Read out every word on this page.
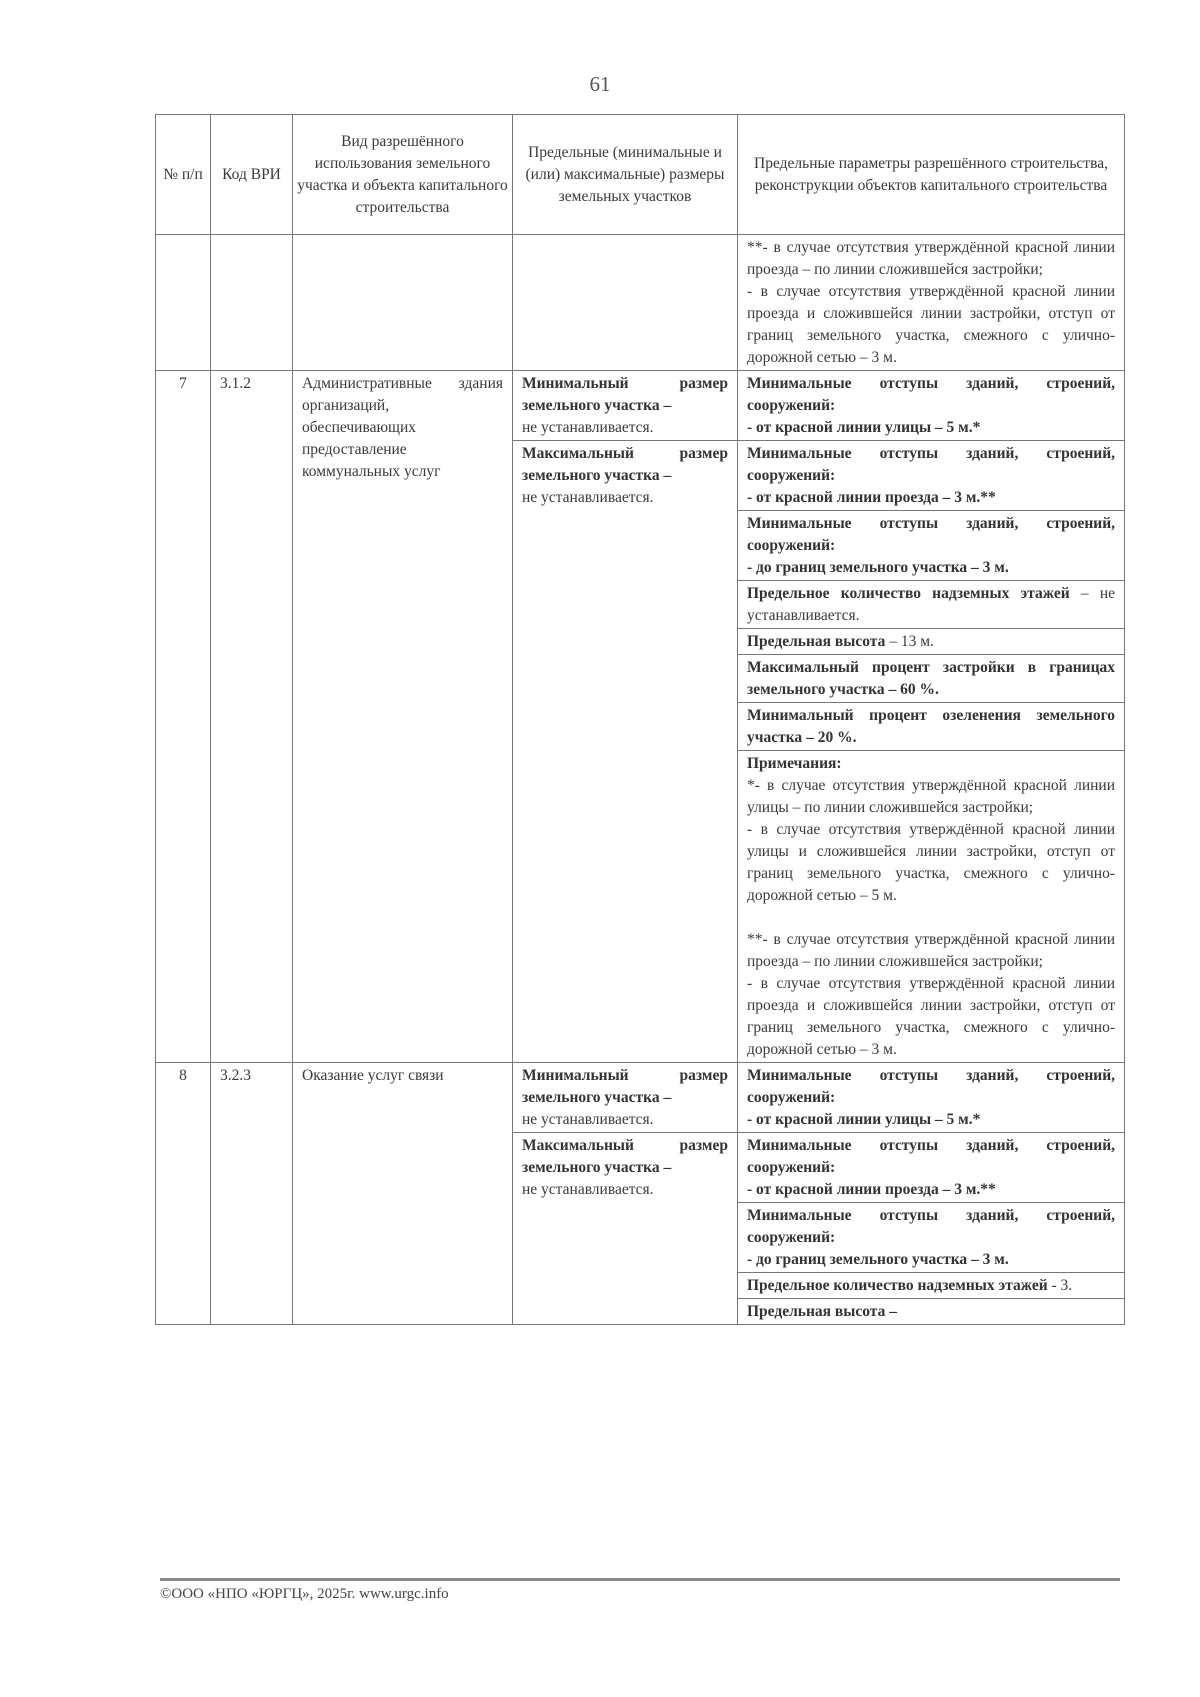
61
№ п/п	Код ВРИ	Вид разрешённого использования земельного участка и объекта капитального строительства	Предельные (минимальные и (или) максимальные) размеры земельных участков	Предельные параметры разрешённого строительства, реконструкции объектов капитального строительства

				**- в случае отсутствия утверждённой красной линии проезда – по линии сложившейся застройки;
- в случае отсутствия утверждённой красной линии проезда и сложившейся линии застройки, отступ от границ земельного участка, смежного с улично-дорожной сетью – 3 м.

7	3.1.2	Административные здания организаций, обеспечивающих предоставление коммунальных услуг	Минимальный размер земельного участка –
не устанавливается.	Минимальные отступы зданий, строений, сооружений:
- от красной линии улицы – 5 м.*
			Максимальный размер земельного участка –
не устанавливается.	Минимальные отступы зданий, строений, сооружений:
- от красной линии проезда – 3 м.**
				Минимальные отступы зданий, строений, сооружений:
- до границ земельного участка – 3 м.
				Предельное количество надземных этажей – не устанавливается.
				Предельная высота – 13 м.
				Максимальный процент застройки в границах земельного участка – 60 %.
				Минимальный процент озеленения земельного участка – 20 %.

				Примечания:
*- в случае отсутствия утверждённой красной линии улицы – по линии сложившейся застройки;
- в случае отсутствия утверждённой красной линии улицы и сложившейся линии застройки, отступ от границ земельного участка, смежного с улично-дорожной сетью – 5 м.
**- в случае отсутствия утверждённой красной линии проезда – по линии сложившейся застройки;
- в случае отсутствия утверждённой красной линии проезда и сложившейся линии застройки, отступ от границ земельного участка, смежного с улично-дорожной сетью – 3 м.

8	3.2.3	Оказание услуг связи	Минимальный размер земельного участка –
не устанавливается.	Минимальные отступы зданий, строений, сооружений:
- от красной линии улицы – 5 м.*
			Максимальный размер земельного участка –
не устанавливается.	Минимальные отступы зданий, строений, сооружений:
- от красной линии проезда – 3 м.**
				Минимальные отступы зданий, строений, сооружений:
- до границ земельного участка – 3 м.
				Предельное количество надземных этажей - 3.
				Предельная высота –
©ООО «НПО «ЮРГЦ», 2025г. www.urgc.info
